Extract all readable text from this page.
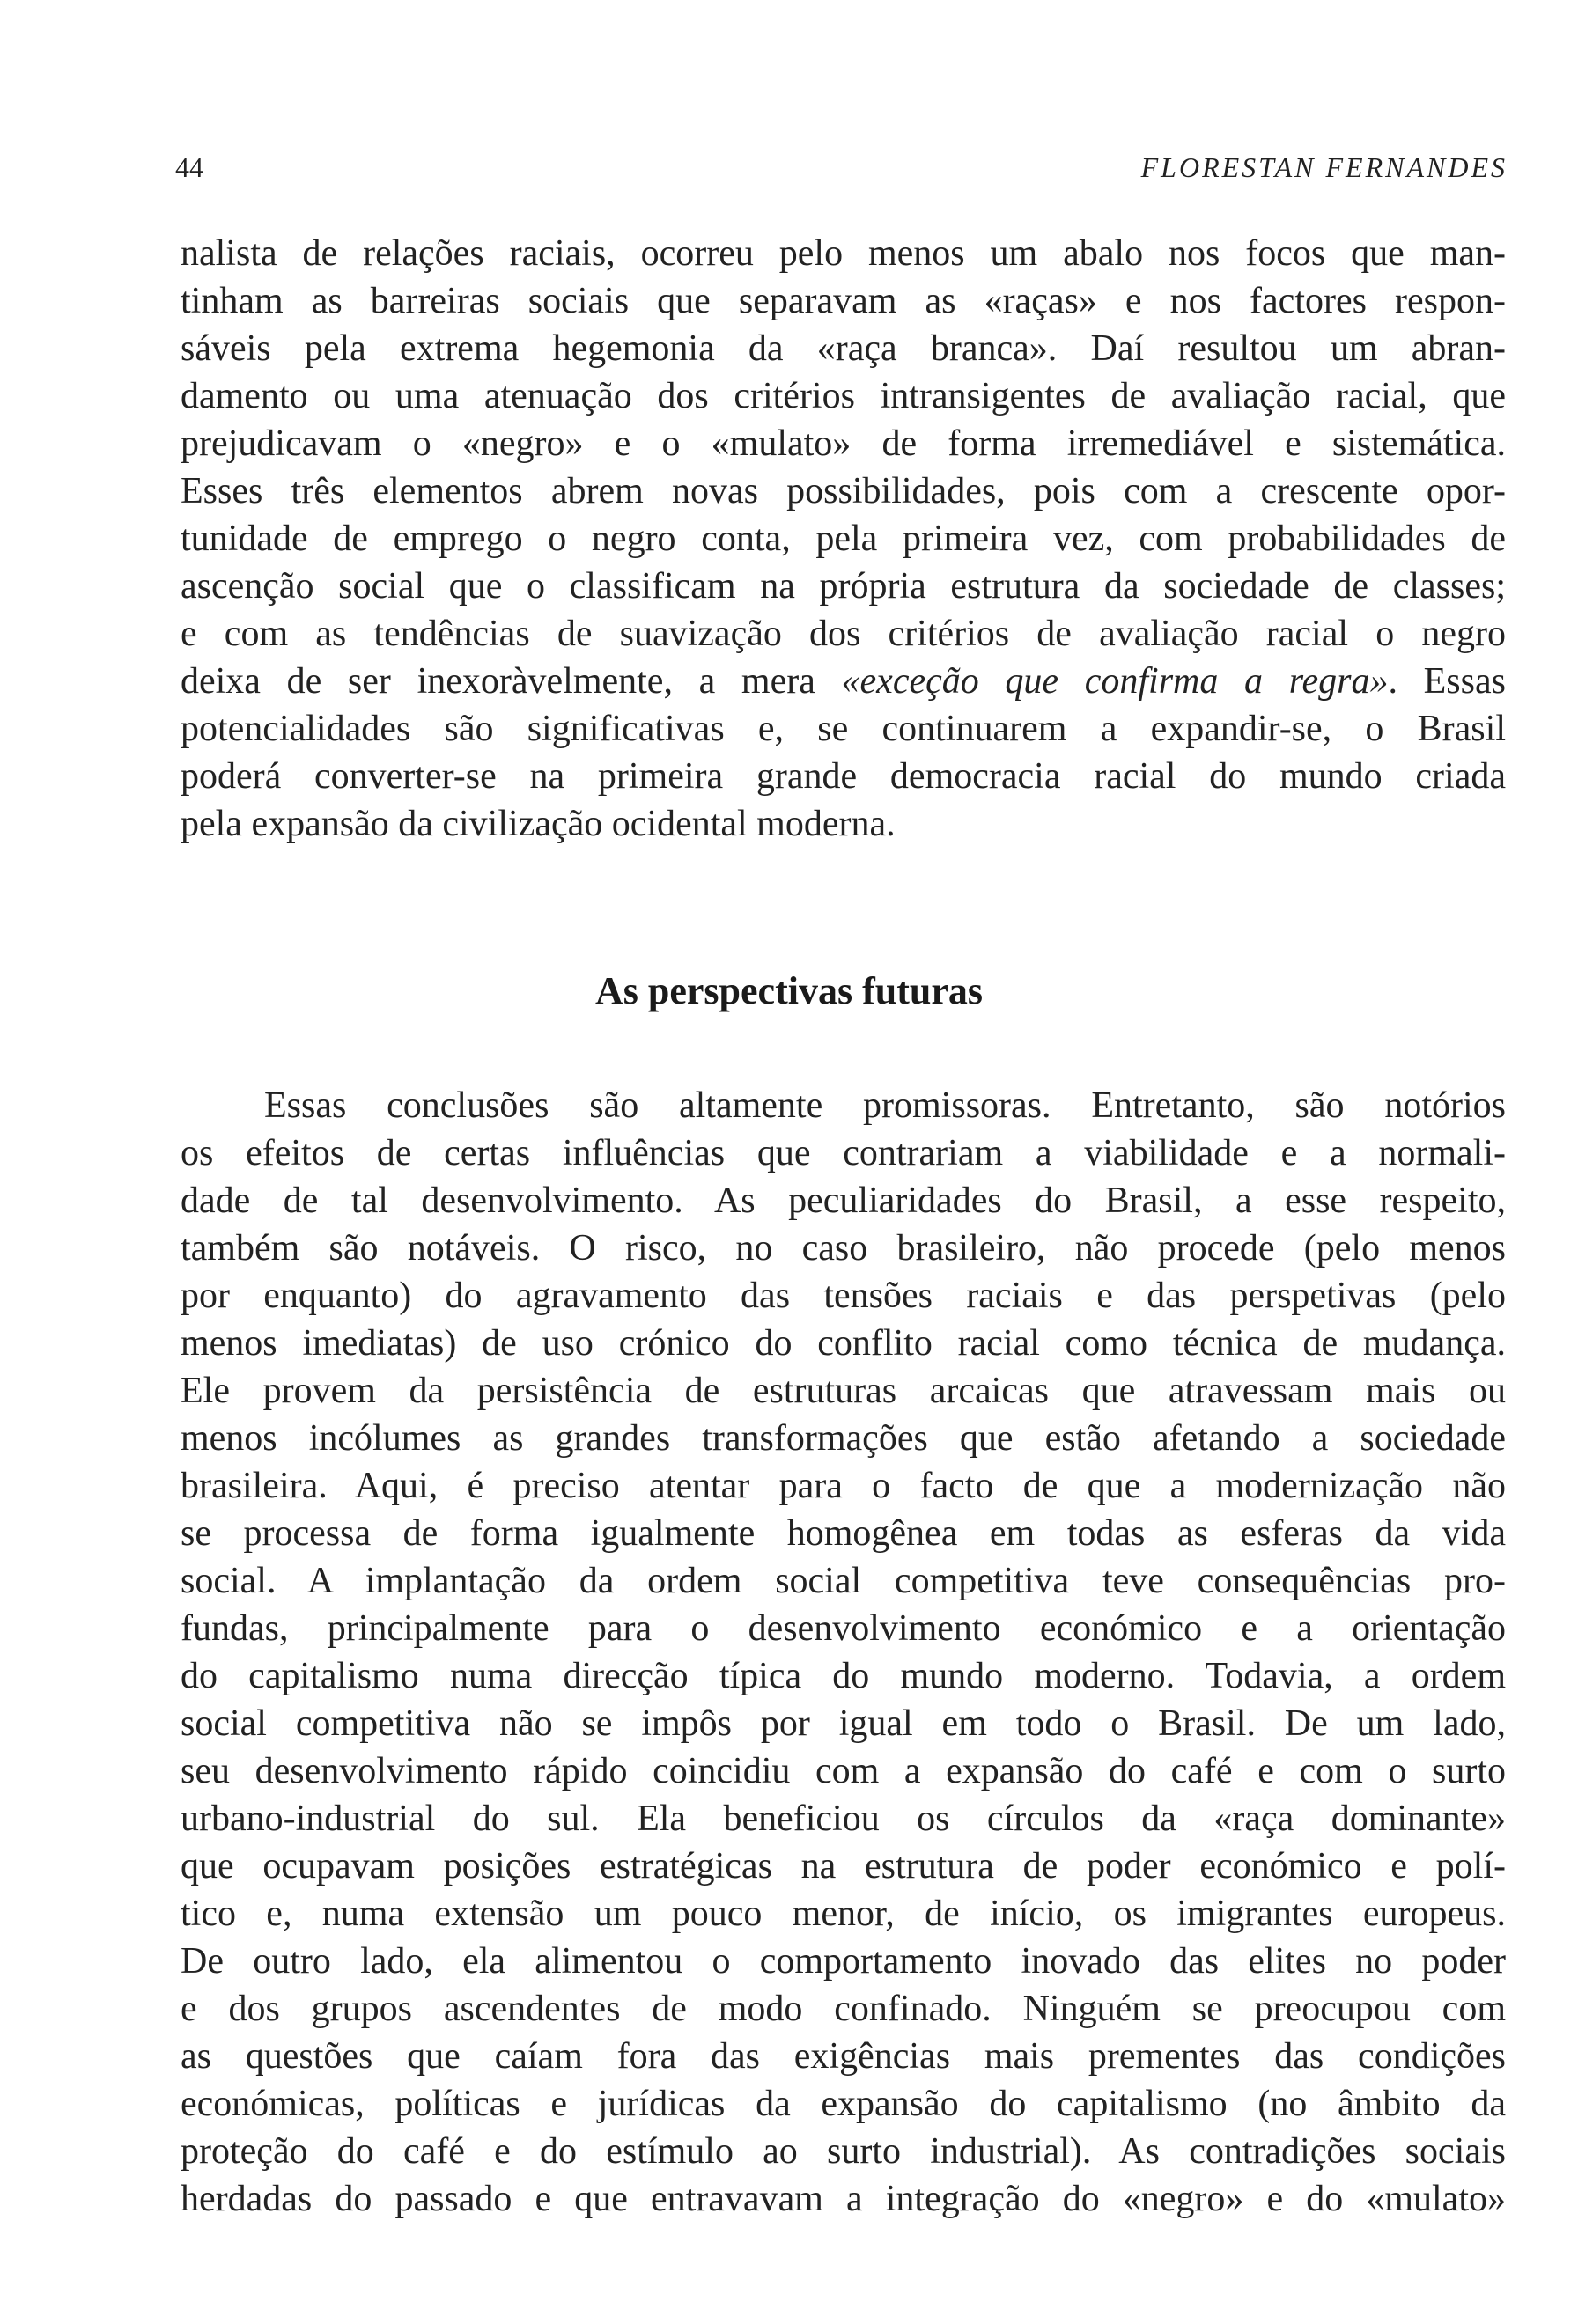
44	FLORESTAN FERNANDES
nalista de relações raciais, ocorreu pelo menos um abalo nos focos que man-
tinham as barreiras sociais que separavam as «raças» e nos factores respon-
sáveis pela extrema hegemonia da «raça branca». Daí resultou um abran-
damento ou uma atenuação dos critérios intransigentes de avaliação racial, que
prejudicavam o «negro» e o «mulato» de forma irremediável e sistemática.
Esses três elementos abrem novas possibilidades, pois com a crescente opor-
tunidade de emprego o negro conta, pela primeira vez, com probabilidades de
ascenção social que o classificam na própria estrutura da sociedade de classes;
e com as tendências de suavização dos critérios de avaliação racial o negro
deixa de ser inexoràvelmente, a mera «exceção que confirma a regra». Essas
potencialidades são significativas e, se continuarem a expandir-se, o Brasil
poderá converter-se na primeira grande democracia racial do mundo criada
pela expansão da civilização ocidental moderna.
As perspectivas futuras
Essas conclusões são altamente promissoras. Entretanto, são notórios
os efeitos de certas influências que contrariam a viabilidade e a normali-
dade de tal desenvolvimento. As peculiaridades do Brasil, a esse respeito,
também são notáveis. O risco, no caso brasileiro, não procede (pelo menos
por enquanto) do agravamento das tensões raciais e das perspetivas (pelo
menos imediatas) de uso crónico do conflito racial como técnica de mudança.
Ele provem da persistência de estruturas arcaicas que atravessam mais ou
menos incólumes as grandes transformações que estão afetando a sociedade
brasileira. Aqui, é preciso atentar para o facto de que a modernização não
se processa de forma igualmente homogênea em todas as esferas da vida
social. A implantação da ordem social competitiva teve consequências pro-
fundas, principalmente para o desenvolvimento económico e a orientação
do capitalismo numa direcção típica do mundo moderno. Todavia, a ordem
social competitiva não se impôs por igual em todo o Brasil. De um lado,
seu desenvolvimento rápido coincidiu com a expansão do café e com o surto
urbano-industrial do sul. Ela beneficiou os círculos da «raça dominante»
que ocupavam posições estratégicas na estrutura de poder económico e polí-
tico e, numa extensão um pouco menor, de início, os imigrantes europeus.
De outro lado, ela alimentou o comportamento inovado das elites no poder
e dos grupos ascendentes de modo confinado. Ninguém se preocupou com
as questões que caíam fora das exigências mais prementes das condições
económicas, políticas e jurídicas da expansão do capitalismo (no âmbito da
proteção do café e do estímulo ao surto industrial). As contradições sociais
herdadas do passado e que entravavam a integração do «negro» e do «mulato»
